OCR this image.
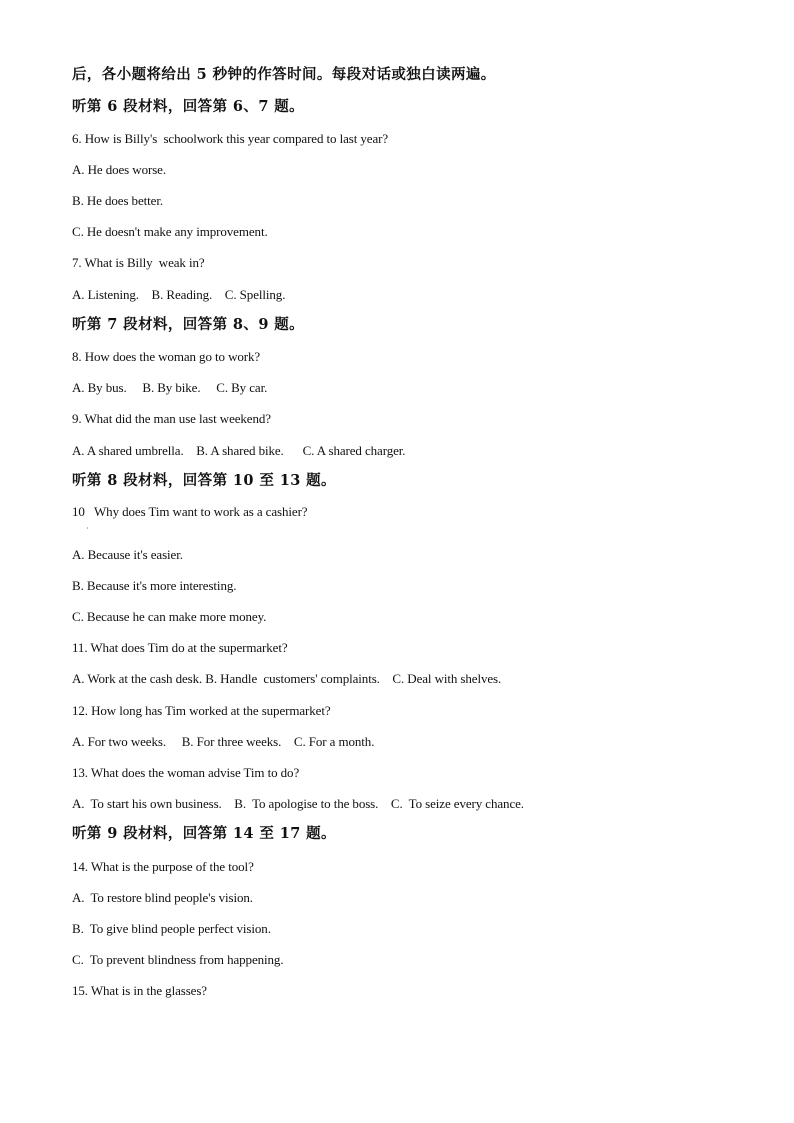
后，各小题将给出 5 秒钟的作答时间。每段对话或独白读两遍。
听第 6 段材料，回答第 6、7 题。
6. How is Billy's  schoolwork this year compared to last year?
A. He does worse.
B. He does better.
C. He doesn't make any improvement.
7. What is Billy  weak in?
A. Listening.    B. Reading.    C. Spelling.
听第 7 段材料，回答第 8、9 题。
8. How does the woman go to work?
A. By bus.     B. By bike.     C. By car.
9. What did the man use last weekend?
A. A shared umbrella.    B. A shared bike.      C. A shared charger.
听第 8 段材料，回答第 10 至 13 题。
10   Why does Tim want to work as a cashier?
·
A. Because it's easier.
B. Because it's more interesting.
C. Because he can make more money.
11. What does Tim do at the supermarket?
A. Work at the cash desk. B. Handle  customers' complaints.    C. Deal with shelves.
12. How long has Tim worked at the supermarket?
A. For two weeks.     B. For three weeks.    C. For a month.
13. What does the woman advise Tim to do?
A.  To start his own business.    B.  To apologise to the boss.    C.  To seize every chance.
听第 9 段材料，回答第 14 至 17 题。
14. What is the purpose of the tool?
A.  To restore blind people's vision.
B.  To give blind people perfect vision.
C.  To prevent blindness from happening.
15. What is in the glasses?
